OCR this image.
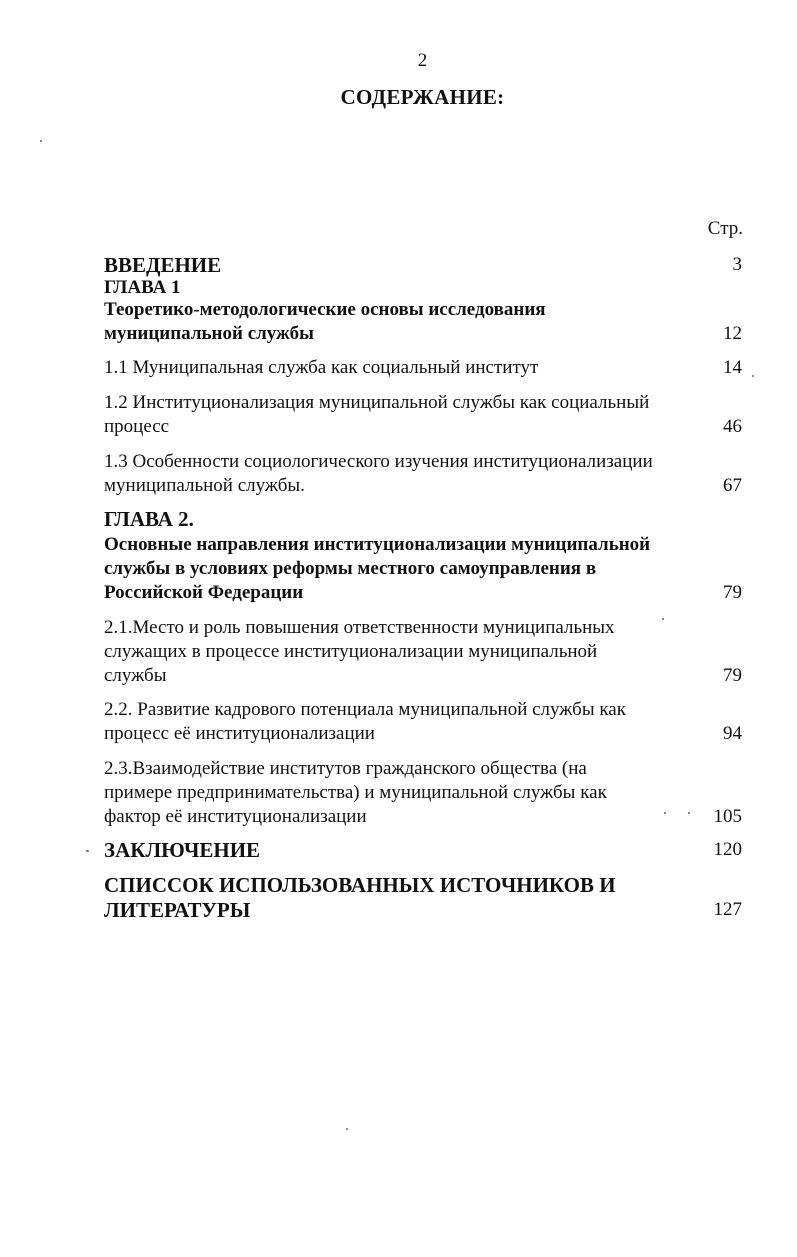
2
СОДЕРЖАНИЕ:
Стр.
ВВЕДЕНИЕ	3
ГЛАВА 1
Теоретико-методологические основы исследования
муниципальной службы	12
1.1 Муниципальная служба как социальный институт	14
1.2 Институционализация муниципальной службы как социальный
процесс	46
1.3 Особенности социологического изучения институционализации
муниципальной службы.	67
ГЛАВА 2.
Основные направления институционализации муниципальной
службы в условиях реформы местного самоуправления в
Российской Федерации	79
2.1.Место и роль повышения ответственности муниципальных
служащих в процессе институционализации муниципальной
службы	79
2.2. Развитие кадрового потенциала муниципальной службы как
процесс её институционализации	94
2.3.Взаимодействие институтов гражданского общества (на
примере предпринимательства) и муниципальной службы как
фактор её институционализации	105
ЗАКЛЮЧЕНИЕ	120
СПИССОК ИСПОЛЬЗОВАННЫХ ИСТОЧНИКОВ И
ЛИТЕРАТУРЫ	127
